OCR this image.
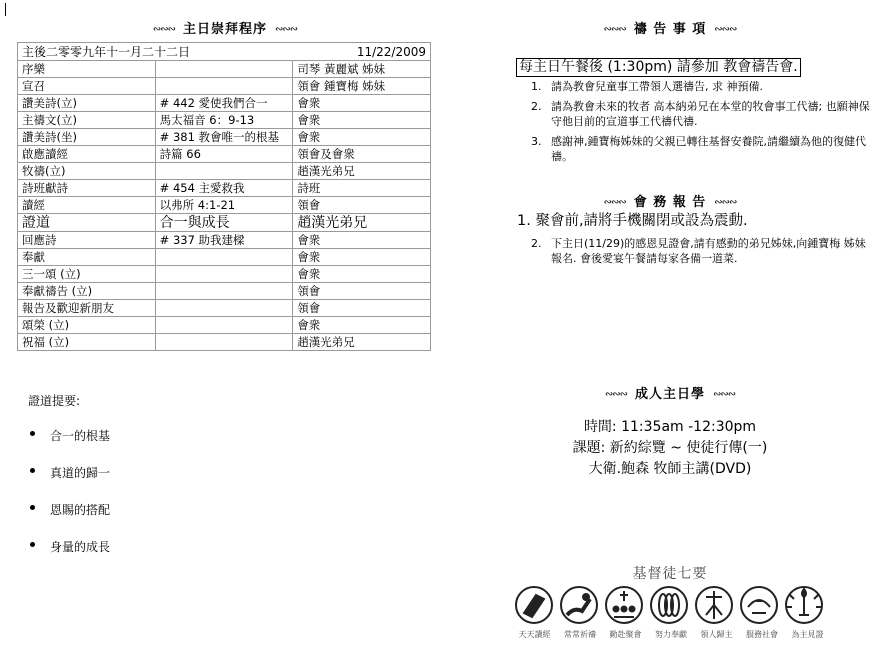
∾∾∾ 主日崇拜程序 ∾∾∾
主後二零零九年十一月二十二日 11/22/2009		

序樂		司琴 黃麗斌 姊妹
宣召		領會 鍾寶梅 姊妹
讚美詩(立)	# 442 愛使我們合一	會衆
主禱文(立)	馬太福音 6：9-13	會衆
讚美詩(坐)	# 381 教會唯一的根基	會衆
啟應讀經	詩篇 66	領會及會衆
牧禱(立)		趙漢光弟兄
詩班獻詩	# 454 主愛救我	詩班
讀經	以弗所 4:1-21	領會
證道	合一與成長	趙漢光弟兄
回應詩	# 337 助我建樑	會衆
奉獻		會衆
三一頌 (立)		會衆
奉獻禱告 (立)		領會
報告及歡迎新朋友		領會
頌榮 (立)		會衆
祝福 (立)		趙漢光弟兄
證道提要:
合一的根基
真道的歸一
恩賜的搭配
身量的成長
∾∾∾ 禱 告 事 項 ∾∾∾
每主日午餐後 (1:30pm) 請參加 教會禱告會.
1. 請為教會兒童事工帶領人選禱告, 求 神預備.
2. 請為教會未來的牧者 高本納弟兄在本堂的牧會事工代禱; 也願神保守他目前的宣道事工代禱代禱.
3. 感謝神,鍾寶梅姊妹的父親已轉往基督安養院,請繼續為他的復健代禱。
∾∾∾ 會 務 報 告 ∾∾∾
1. 聚會前,請將手機關閉或設為震動.
2. 下主日(11/29)的感恩見證會,請有感動的弟兄姊妹,向鍾寶梅 姊妹報名. 會後愛宴午餐請每家各備一道菜.
∾∾∾ 成人主日學 ∾∾∾
時間: 11:35am -12:30pm
課題: 新約綜覽 ~ 使徒行傳(一)
大衛.鮑森 牧師主講(DVD)
基督徒七要
天天讀經	常常祈禱	勤赴聚會	努力奉獻	領人歸主	服務社會	為主見證
